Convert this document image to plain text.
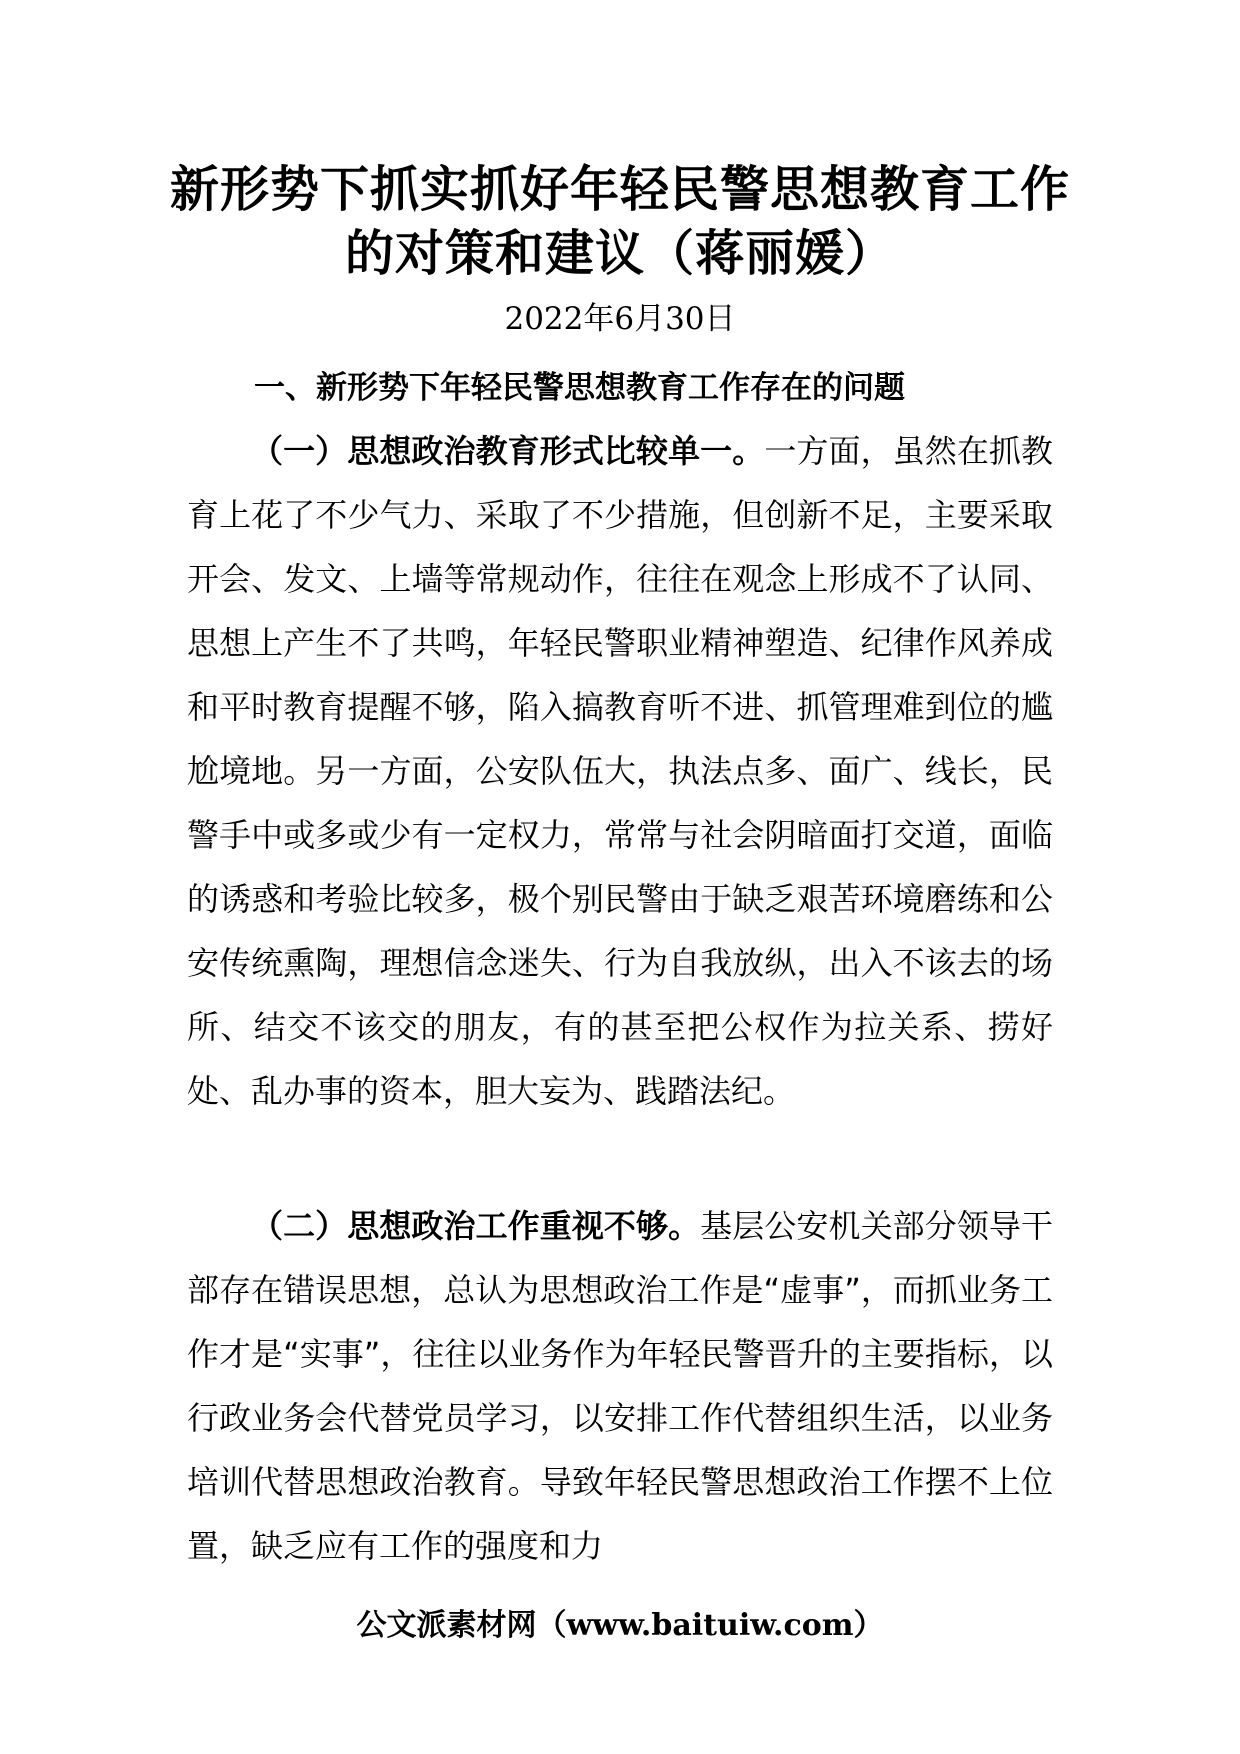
新形势下抓实抓好年轻民警思想教育工作
的对策和建议（蒋丽媛）

2022年6月30日

一、新形势下年轻民警思想教育工作存在的问题

（一）思想政治教育形式比较单一。一方面，虽然在抓教育上花了不少气力、采取了不少措施，但创新不足，主要采取开会、发文、上墙等常规动作，往往在观念上形成不了认同、思想上产生不了共鸣，年轻民警职业精神塑造、纪律作风养成和平时教育提醒不够，陷入搞教育听不进、抓管理难到位的尴尬境地。另一方面，公安队伍大，执法点多、面广、线长，民警手中或多或少有一定权力，常常与社会阴暗面打交道，面临的诱惑和考验比较多，极个别民警由于缺乏艰苦环境磨练和公安传统熏陶，理想信念迷失、行为自我放纵，出入不该去的场所、结交不该交的朋友，有的甚至把公权作为拉关系、捞好处、乱办事的资本，胆大妄为、践踏法纪。

（二）思想政治工作重视不够。基层公安机关部分领导干部存在错误思想，总认为思想政治工作是“虚事”，而抓业务工作才是“实事”，往往以业务作为年轻民警晋升的主要指标，以行政业务会代替党员学习，以安排工作代替组织生活，以业务培训代替思想政治教育。导致年轻民警思想政治工作摆不上位置，缺乏应有工作的强度和力

公文派素材网（www.baituiw.com）
